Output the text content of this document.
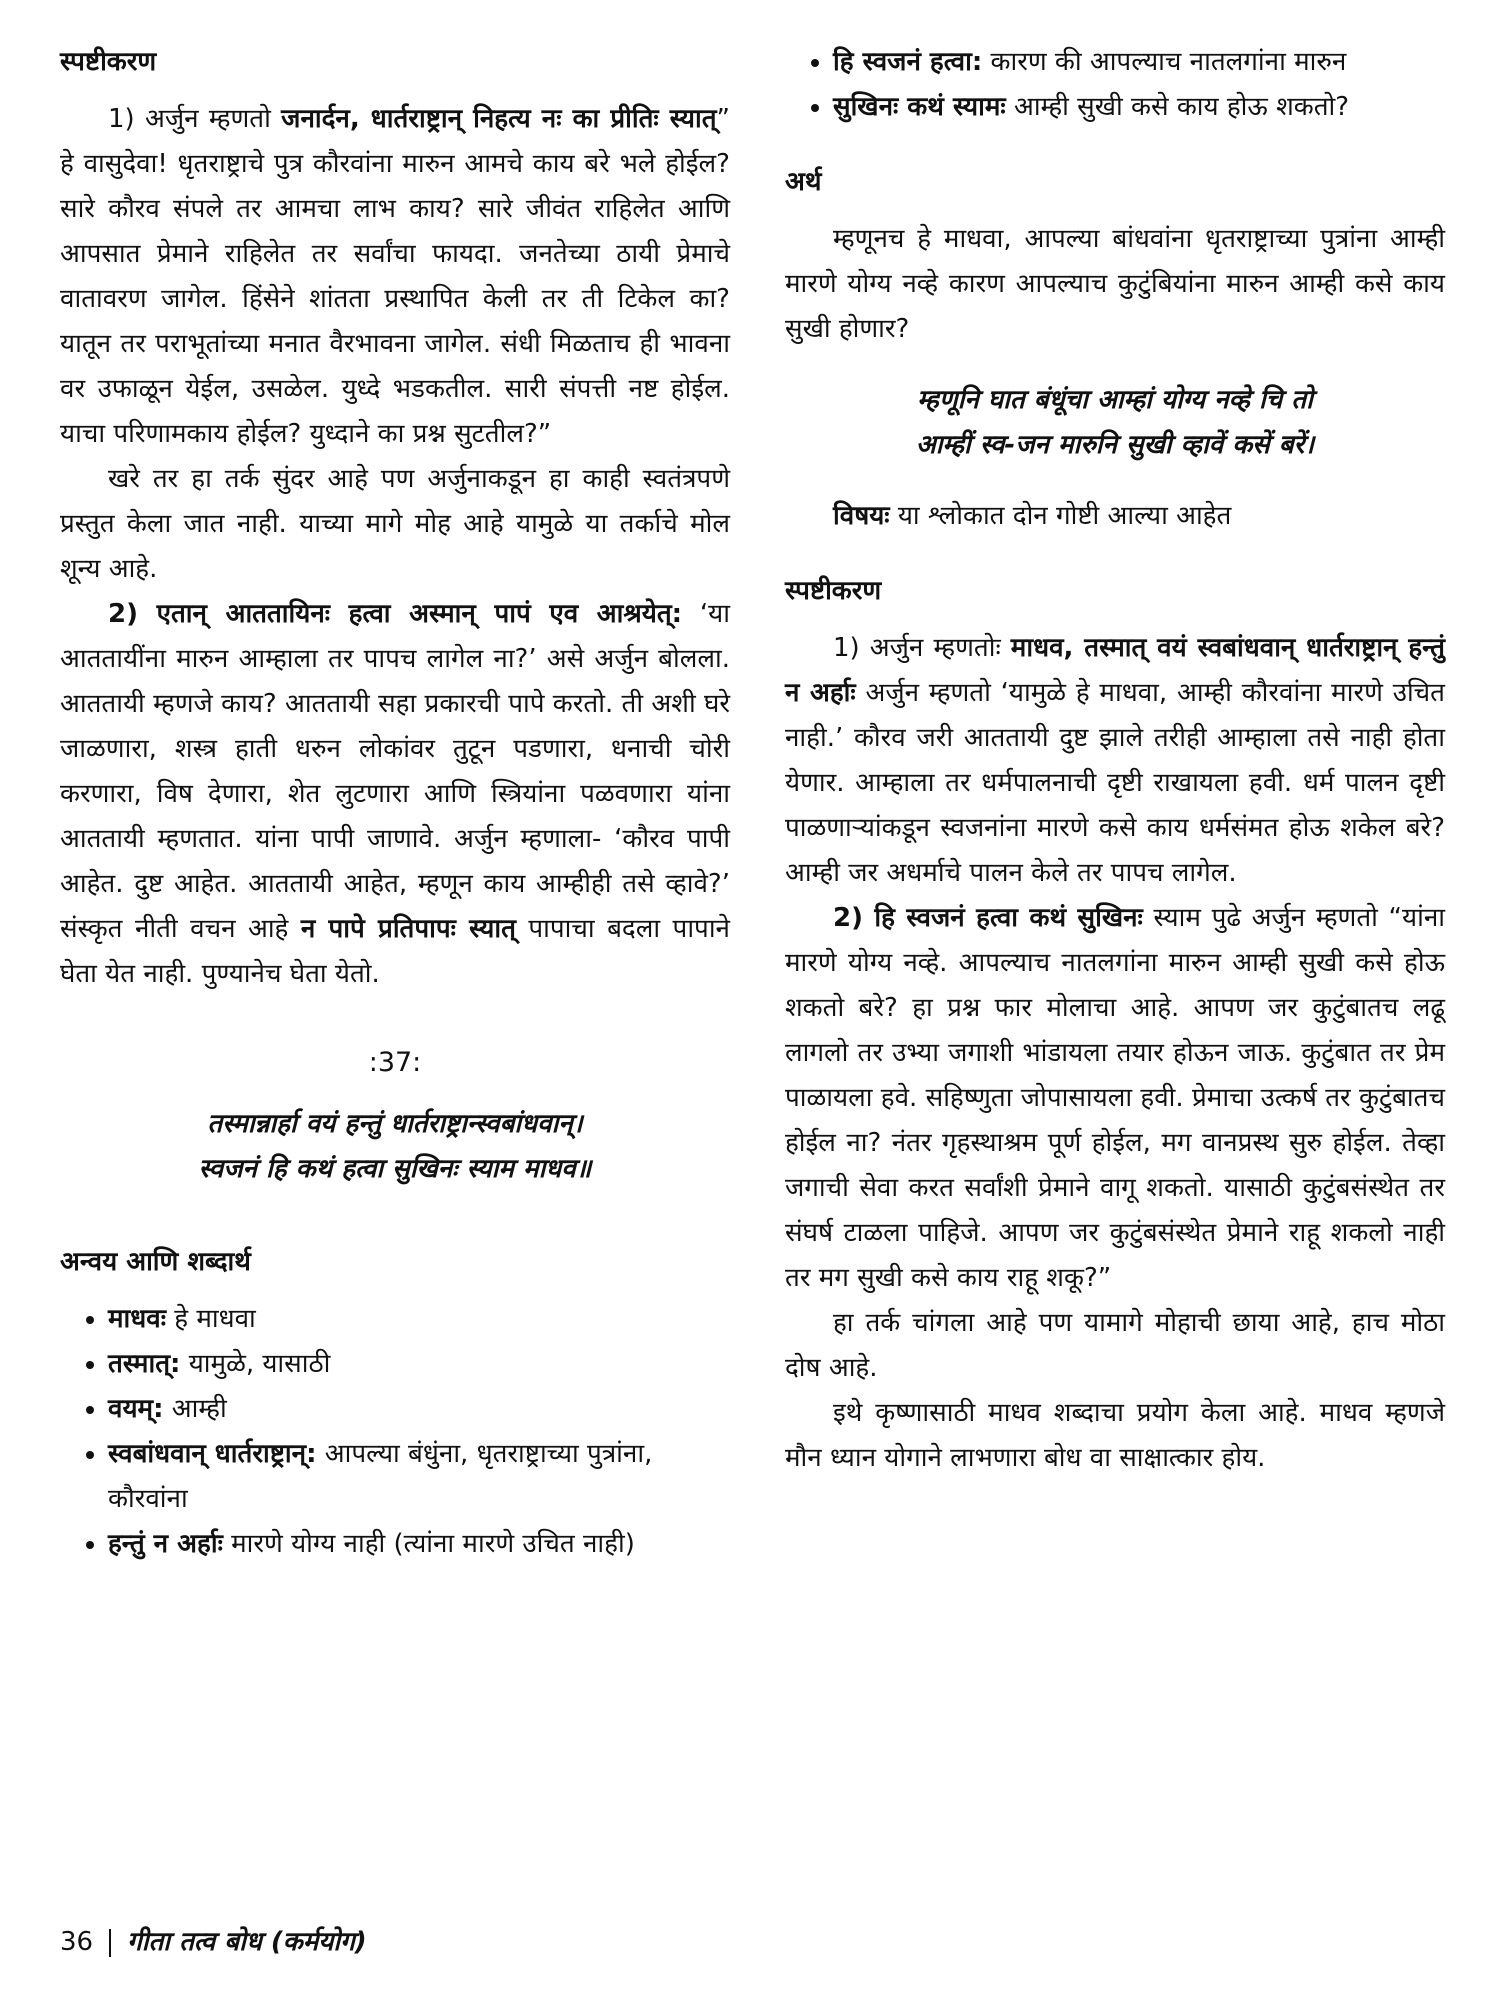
स्पष्टीकरण

1) अर्जुन म्हणतो जनार्दन, धार्तराष्ट्रान् निहत्य नः का प्रीतिः स्यात्” हे वासुदेवा! धृतराष्ट्राचे पुत्र कौरवांना मारुन आमचे काय बरे भले होईल? सारे कौरव संपले तर आमचा लाभ काय? सारे जीवंत राहिलेत आणि आपसात प्रेमाने राहिलेत तर सर्वांचा फायदा. जनतेच्या ठायी प्रेमाचे वातावरण जागेल. हिंसेने शांतता प्रस्थापित केली तर ती टिकेल का? यातून तर पराभूतांच्या मनात वैरभावना जागेल. संधी मिळताच ही भावना वर उफाळून येईल, उसळेल. युध्दे भडकतील. सारी संपत्ती नष्ट होईल. याचा परिणामकाय होईल? युध्दाने का प्रश्न सुटतील?”

खरे तर हा तर्क सुंदर आहे पण अर्जुनाकडून हा काही स्वतंत्रपणे प्रस्तुत केला जात नाही. याच्या मागे मोह आहे यामुळे या तर्काचे मोल शून्य आहे.

2) एतान् आततायिनः हत्वा अस्मान् पापं एव आश्रयेत्: ‘या आततायींना मारुन आम्हाला तर पापच लागेल ना?’ असे अर्जुन बोलला. आततायी म्हणजे काय? आततायी सहा प्रकारची पापे करतो. ती अशी घरे जाळणारा, शस्त्र हाती धरुन लोकांवर तुटून पडणारा, धनाची चोरी करणारा, विष देणारा, शेत लुटणारा आणि स्त्रियांना पळवणारा यांना आततायी म्हणतात. यांना पापी जाणावे. अर्जुन म्हणाला- ‘कौरव पापी आहेत. दुष्ट आहेत. आततायी आहेत, म्हणून काय आम्हीही तसे व्हावे?’ संस्कृत नीती वचन आहे न पापे प्रतिपापः स्यात् पापाचा बदला पापाने घेता येत नाही. पुण्यानेच घेता येतो.

:37:

तस्मान्नार्हा वयं हन्तुं धार्तराष्ट्रान्स्वबांधवान्।

स्वजनं हि कथं हत्वा सुखिनः स्याम माधव॥

अन्वय आणि शब्दार्थ
• माधवः हे माधवा
• तस्मात्: यामुळे, यासाठी
• वयम्: आम्ही
• स्वबांधवान् धार्तराष्ट्रान्: आपल्या बंधुंना, धृतराष्ट्राच्या पुत्रांना, कौरवांना
• हन्तुं न अर्हाः मारणे योग्य नाही (त्यांना मारणे उचित नाही)
• हि स्वजनं हत्वा: कारण की आपल्याच नातलगांना मारुन
• सुखिनः कथं स्यामः आम्ही सुखी कसे काय होऊ शकतो?
अर्थ

म्हणूनच हे माधवा, आपल्या बांधवांना धृतराष्ट्राच्या पुत्रांना आम्ही मारणे योग्य नव्हे कारण आपल्याच कुटुंबियांना मारुन आम्ही कसे काय सुखी होणार?

म्हणूनि घात बंधूंचा आम्हां योग्य नव्हे चि तो

आम्हीं स्व-जन मारुनि सुखी व्हावें कसें बरें।

विषयः या श्लोकात दोन गोष्टी आल्या आहेत

स्पष्टीकरण

1) अर्जुन म्हणतोः माधव, तस्मात् वयं स्वबांधवान् धार्तराष्ट्रान् हन्तुं न अर्हाः अर्जुन म्हणतो ‘यामुळे हे माधवा, आम्ही कौरवांना मारणे उचित नाही.’ कौरव जरी आततायी दुष्ट झाले तरीही आम्हाला तसे नाही होता येणार. आम्हाला तर धर्मपालनाची दृष्टी राखायला हवी. धर्म पालन दृष्टी पाळणाऱ्यांकडून स्वजनांना मारणे कसे काय धर्मसंमत होऊ शकेल बरे? आम्ही जर अधर्माचे पालन केले तर पापच लागेल.

2) हि स्वजनं हत्वा कथं सुखिनः स्याम पुढे अर्जुन म्हणतो “यांना मारणे योग्य नव्हे. आपल्याच नातलगांना मारुन आम्ही सुखी कसे होऊ शकतो बरे? हा प्रश्न फार मोलाचा आहे. आपण जर कुटुंबातच लढू लागलो तर उभ्या जगाशी भांडायला तयार होऊन जाऊ. कुटुंबात तर प्रेम पाळायला हवे. सहिष्णुता जोपासायला हवी. प्रेमाचा उत्कर्ष तर कुटुंबातच होईल ना? नंतर गृहस्थाश्रम पूर्ण होईल, मग वानप्रस्थ सुरु होईल. तेव्हा जगाची सेवा करत सर्वांशी प्रेमाने वागू शकतो. यासाठी कुटुंबसंस्थेत तर संघर्ष टाळला पाहिजे. आपण जर कुटुंबसंस्थेत प्रेमाने राहू शकलो नाही तर मग सुखी कसे काय राहू शकू?”

हा तर्क चांगला आहे पण यामागे मोहाची छाया आहे, हाच मोठा दोष आहे.

इथे कृष्णासाठी माधव शब्दाचा प्रयोग केला आहे. माधव म्हणजे मौन ध्यान योगाने लाभणारा बोध वा साक्षात्कार होय.

36 गीता तत्व बोध (कर्मयोग)
